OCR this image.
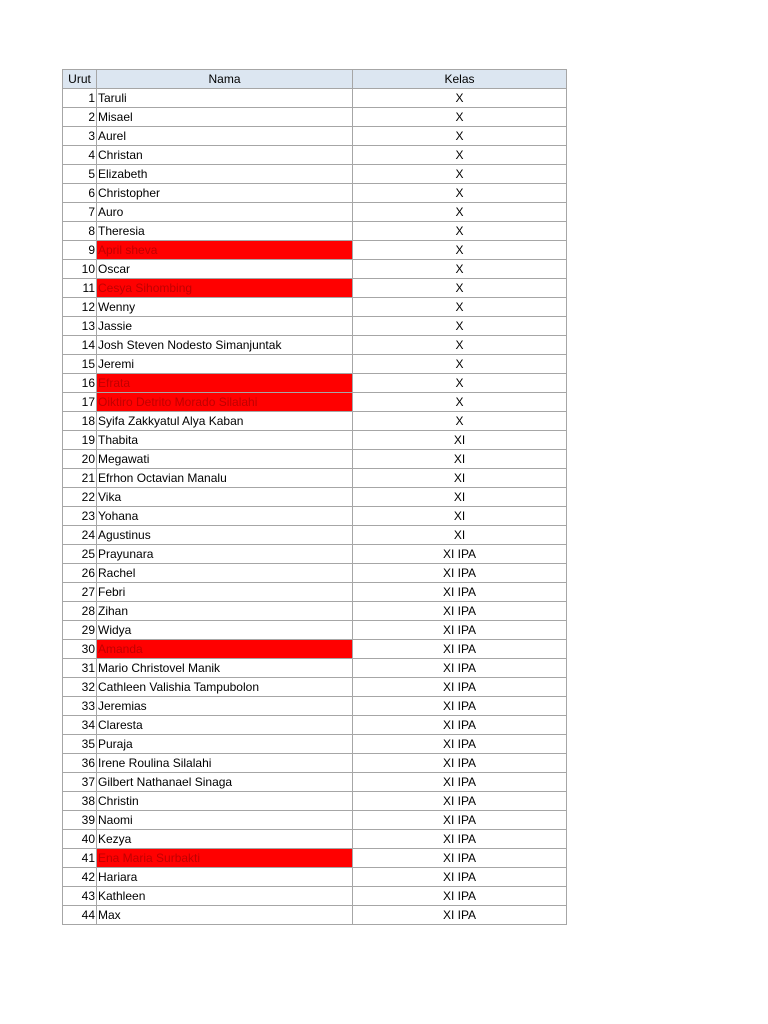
Urut	Nama	Kelas
1	Taruli	X
2	Misael	X
3	Aurel	X
4	Christan	X
5	Elizabeth	X
6	Christopher	X
7	Auro	X
8	Theresia	X
9	April sheva	X
10	Oscar	X
11	Cesya Sihombing	X
12	Wenny	X
13	Jassie	X
14	Josh Steven Nodesto Simanjuntak	X
15	Jeremi	X
16	Efrata	X
17	Oiktiro Detrito Morado Silalahi	X
18	Syifa Zakkyatul Alya Kaban	X
19	Thabita	XI
20	Megawati	XI
21	Efrhon Octavian Manalu	XI
22	Vika	XI
23	Yohana	XI
24	Agustinus	XI
25	Prayunara	XI IPA
26	Rachel	XI IPA
27	Febri	XI IPA
28	Zihan	XI IPA
29	Widya	XI IPA
30	Amanda	XI IPA
31	Mario Christovel Manik	XI IPA
32	Cathleen Valishia Tampubolon	XI IPA
33	Jeremias	XI IPA
34	Claresta	XI IPA
35	Puraja	XI IPA
36	Irene Roulina Silalahi	XI IPA
37	Gilbert Nathanael Sinaga	XI IPA
38	Christin	XI IPA
39	Naomi	XI IPA
40	Kezya	XI IPA
41	Ena Maria Surbakti	XI IPA
42	Hariara	XI IPA
43	Kathleen	XI IPA
44	Max	XI IPA
